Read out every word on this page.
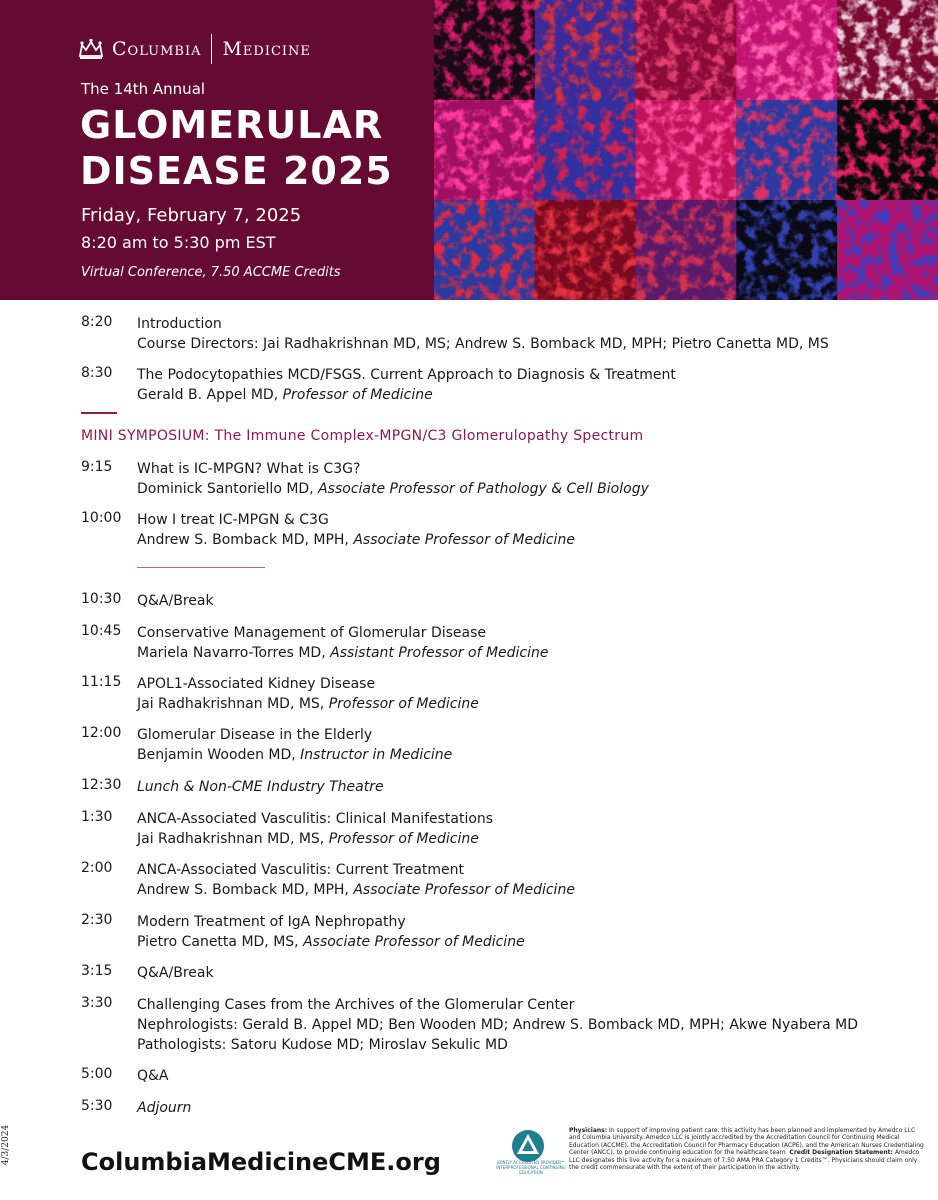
Columbia Medicine
The 14th Annual
GLOMERULAR
DISEASE 2025
Friday, February 7, 2025
8:20 am to 5:30 pm EST
Virtual Conference, 7.50 ACCME Credits
8:20 Introduction
Course Directors: Jai Radhakrishnan MD, MS; Andrew S. Bomback MD, MPH; Pietro Canetta MD, MS
8:30 The Podocytopathies MCD/FSGS. Current Approach to Diagnosis & Treatment
Gerald B. Appel MD, Professor of Medicine
MINI SYMPOSIUM: The Immune Complex-MPGN/C3 Glomerulopathy Spectrum
9:15 What is IC-MPGN? What is C3G?
Dominick Santoriello MD, Associate Professor of Pathology & Cell Biology
10:00 How I treat IC-MPGN & C3G
Andrew S. Bomback MD, MPH, Associate Professor of Medicine
10:30 Q&A/Break
10:45 Conservative Management of Glomerular Disease
Mariela Navarro-Torres MD, Assistant Professor of Medicine
11:15 APOL1-Associated Kidney Disease
Jai Radhakrishnan MD, MS, Professor of Medicine
12:00 Glomerular Disease in the Elderly
Benjamin Wooden MD, Instructor in Medicine
12:30 Lunch & Non-CME Industry Theatre
1:30 ANCA-Associated Vasculitis: Clinical Manifestations
Jai Radhakrishnan MD, MS, Professor of Medicine
2:00 ANCA-Associated Vasculitis: Current Treatment
Andrew S. Bomback MD, MPH, Associate Professor of Medicine
2:30 Modern Treatment of IgA Nephropathy
Pietro Canetta MD, MS, Associate Professor of Medicine
3:15 Q&A/Break
3:30 Challenging Cases from the Archives of the Glomerular Center
Nephrologists: Gerald B. Appel MD; Ben Wooden MD; Andrew S. Bomback MD, MPH; Akwe Nyabera MD
Pathologists: Satoru Kudose MD; Miroslav Sekulic MD
5:00 Q&A
5:30 Adjourn
4/3/2024	ColumbiaMedicineCME.org	JOINTLY ACCREDITED PROVIDER™ INTERPROFESSIONAL CONTINUING EDUCATION
Physicians: In support of improving patient care, this activity has been planned and implemented by Amedco LLC and Columbia University. Amedco LLC is jointly accredited by the Accreditation Council for Continuing Medical Education (ACCME), the Accreditation Council for Pharmacy Education (ACPE), and the American Nurses Credentialing Center (ANCC), to provide continuing education for the healthcare team. Credit Designation Statement: Amedco LLC designates this live activity for a maximum of 7.50 AMA PRA Category 1 Credits™. Physicians should claim only the credit commensurate with the extent of their participation in the activity.
